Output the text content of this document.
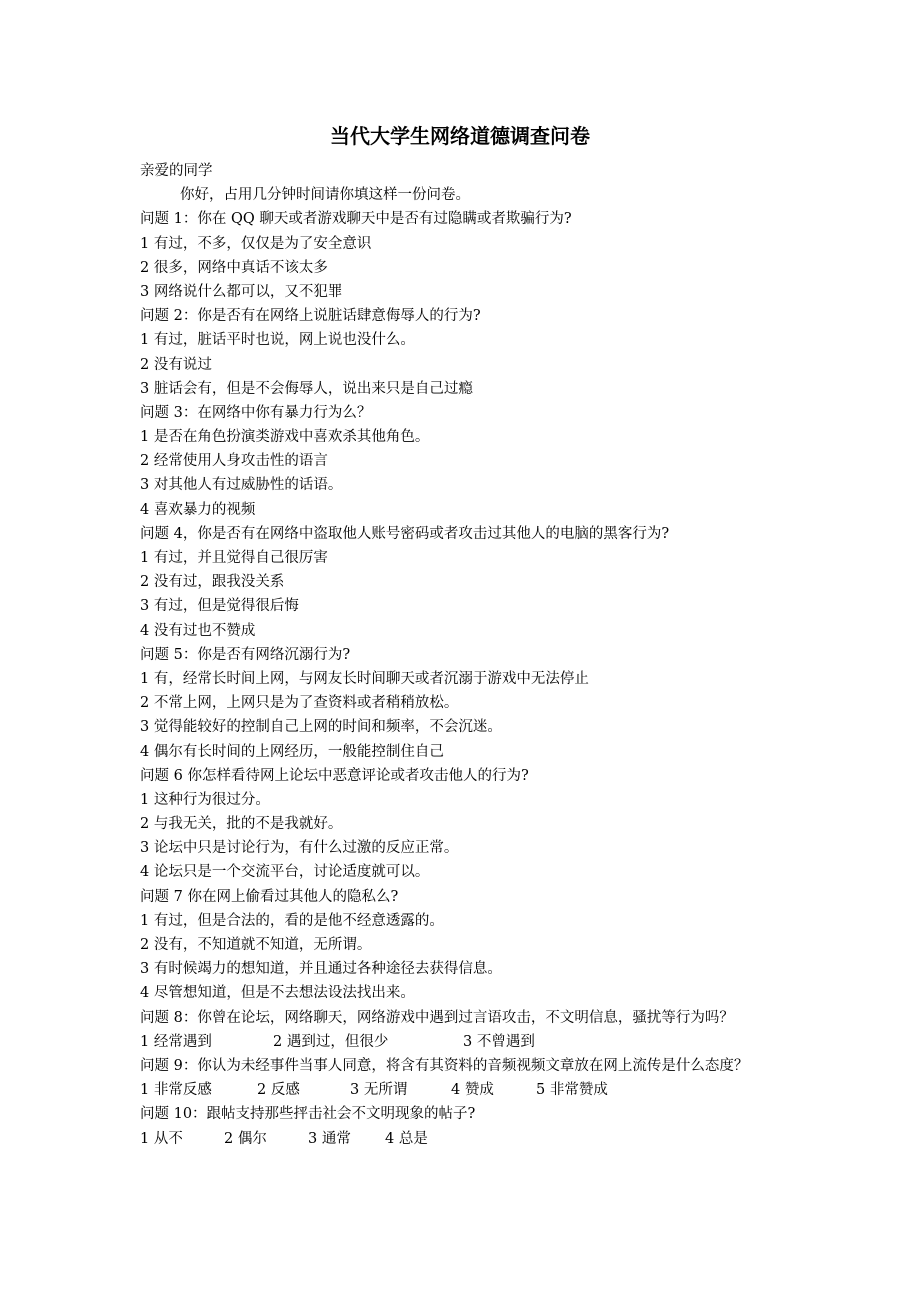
当代大学生网络道德调查问卷
亲爱的同学
你好，占用几分钟时间请你填这样一份问卷。
问题 1：你在 QQ 聊天或者游戏聊天中是否有过隐瞒或者欺骗行为?
1 有过，不多，仅仅是为了安全意识
2 很多，网络中真话不该太多
3 网络说什么都可以，又不犯罪
问题 2：你是否有在网络上说脏话肆意侮辱人的行为?
1 有过，脏话平时也说，网上说也没什么。
2 没有说过
3 脏话会有，但是不会侮辱人，说出来只是自己过瘾
问题 3：在网络中你有暴力行为么？
1 是否在角色扮演类游戏中喜欢杀其他角色。
2 经常使用人身攻击性的语言
3 对其他人有过威胁性的话语。
4 喜欢暴力的视频
问题 4，你是否有在网络中盗取他人账号密码或者攻击过其他人的电脑的黑客行为?
1 有过，并且觉得自己很厉害
2 没有过，跟我没关系
3 有过，但是觉得很后悔
4 没有过也不赞成
问题 5：你是否有网络沉溺行为?
1 有，经常长时间上网，与网友长时间聊天或者沉溺于游戏中无法停止
2 不常上网，上网只是为了查资料或者稍稍放松。
3 觉得能较好的控制自己上网的时间和频率，不会沉迷。
4 偶尔有长时间的上网经历，一般能控制住自己
问题 6 你怎样看待网上论坛中恶意评论或者攻击他人的行为?
1 这种行为很过分。
2 与我无关，批的不是我就好。
3 论坛中只是讨论行为，有什么过激的反应正常。
4 论坛只是一个交流平台，讨论适度就可以。
问题 7 你在网上偷看过其他人的隐私么?
1 有过，但是合法的，看的是他不经意透露的。
2 没有，不知道就不知道，无所谓。
3 有时候竭力的想知道，并且通过各种途径去获得信息。
4 尽管想知道，但是不去想法设法找出来。
问题 8：你曾在论坛，网络聊天，网络游戏中遇到过言语攻击，不文明信息，骚扰等行为吗？
1 经常遇到	2 遇到过，但很少	3 不曾遇到
问题 9：你认为未经事件当事人同意，将含有其资料的音频视频文章放在网上流传是什么态度？
1 非常反感	2 反感	3 无所谓	4 赞成	5 非常赞成
问题 10：跟帖支持那些抨击社会不文明现象的帖子?
1 从不	2 偶尔	3 通常 4 总是
